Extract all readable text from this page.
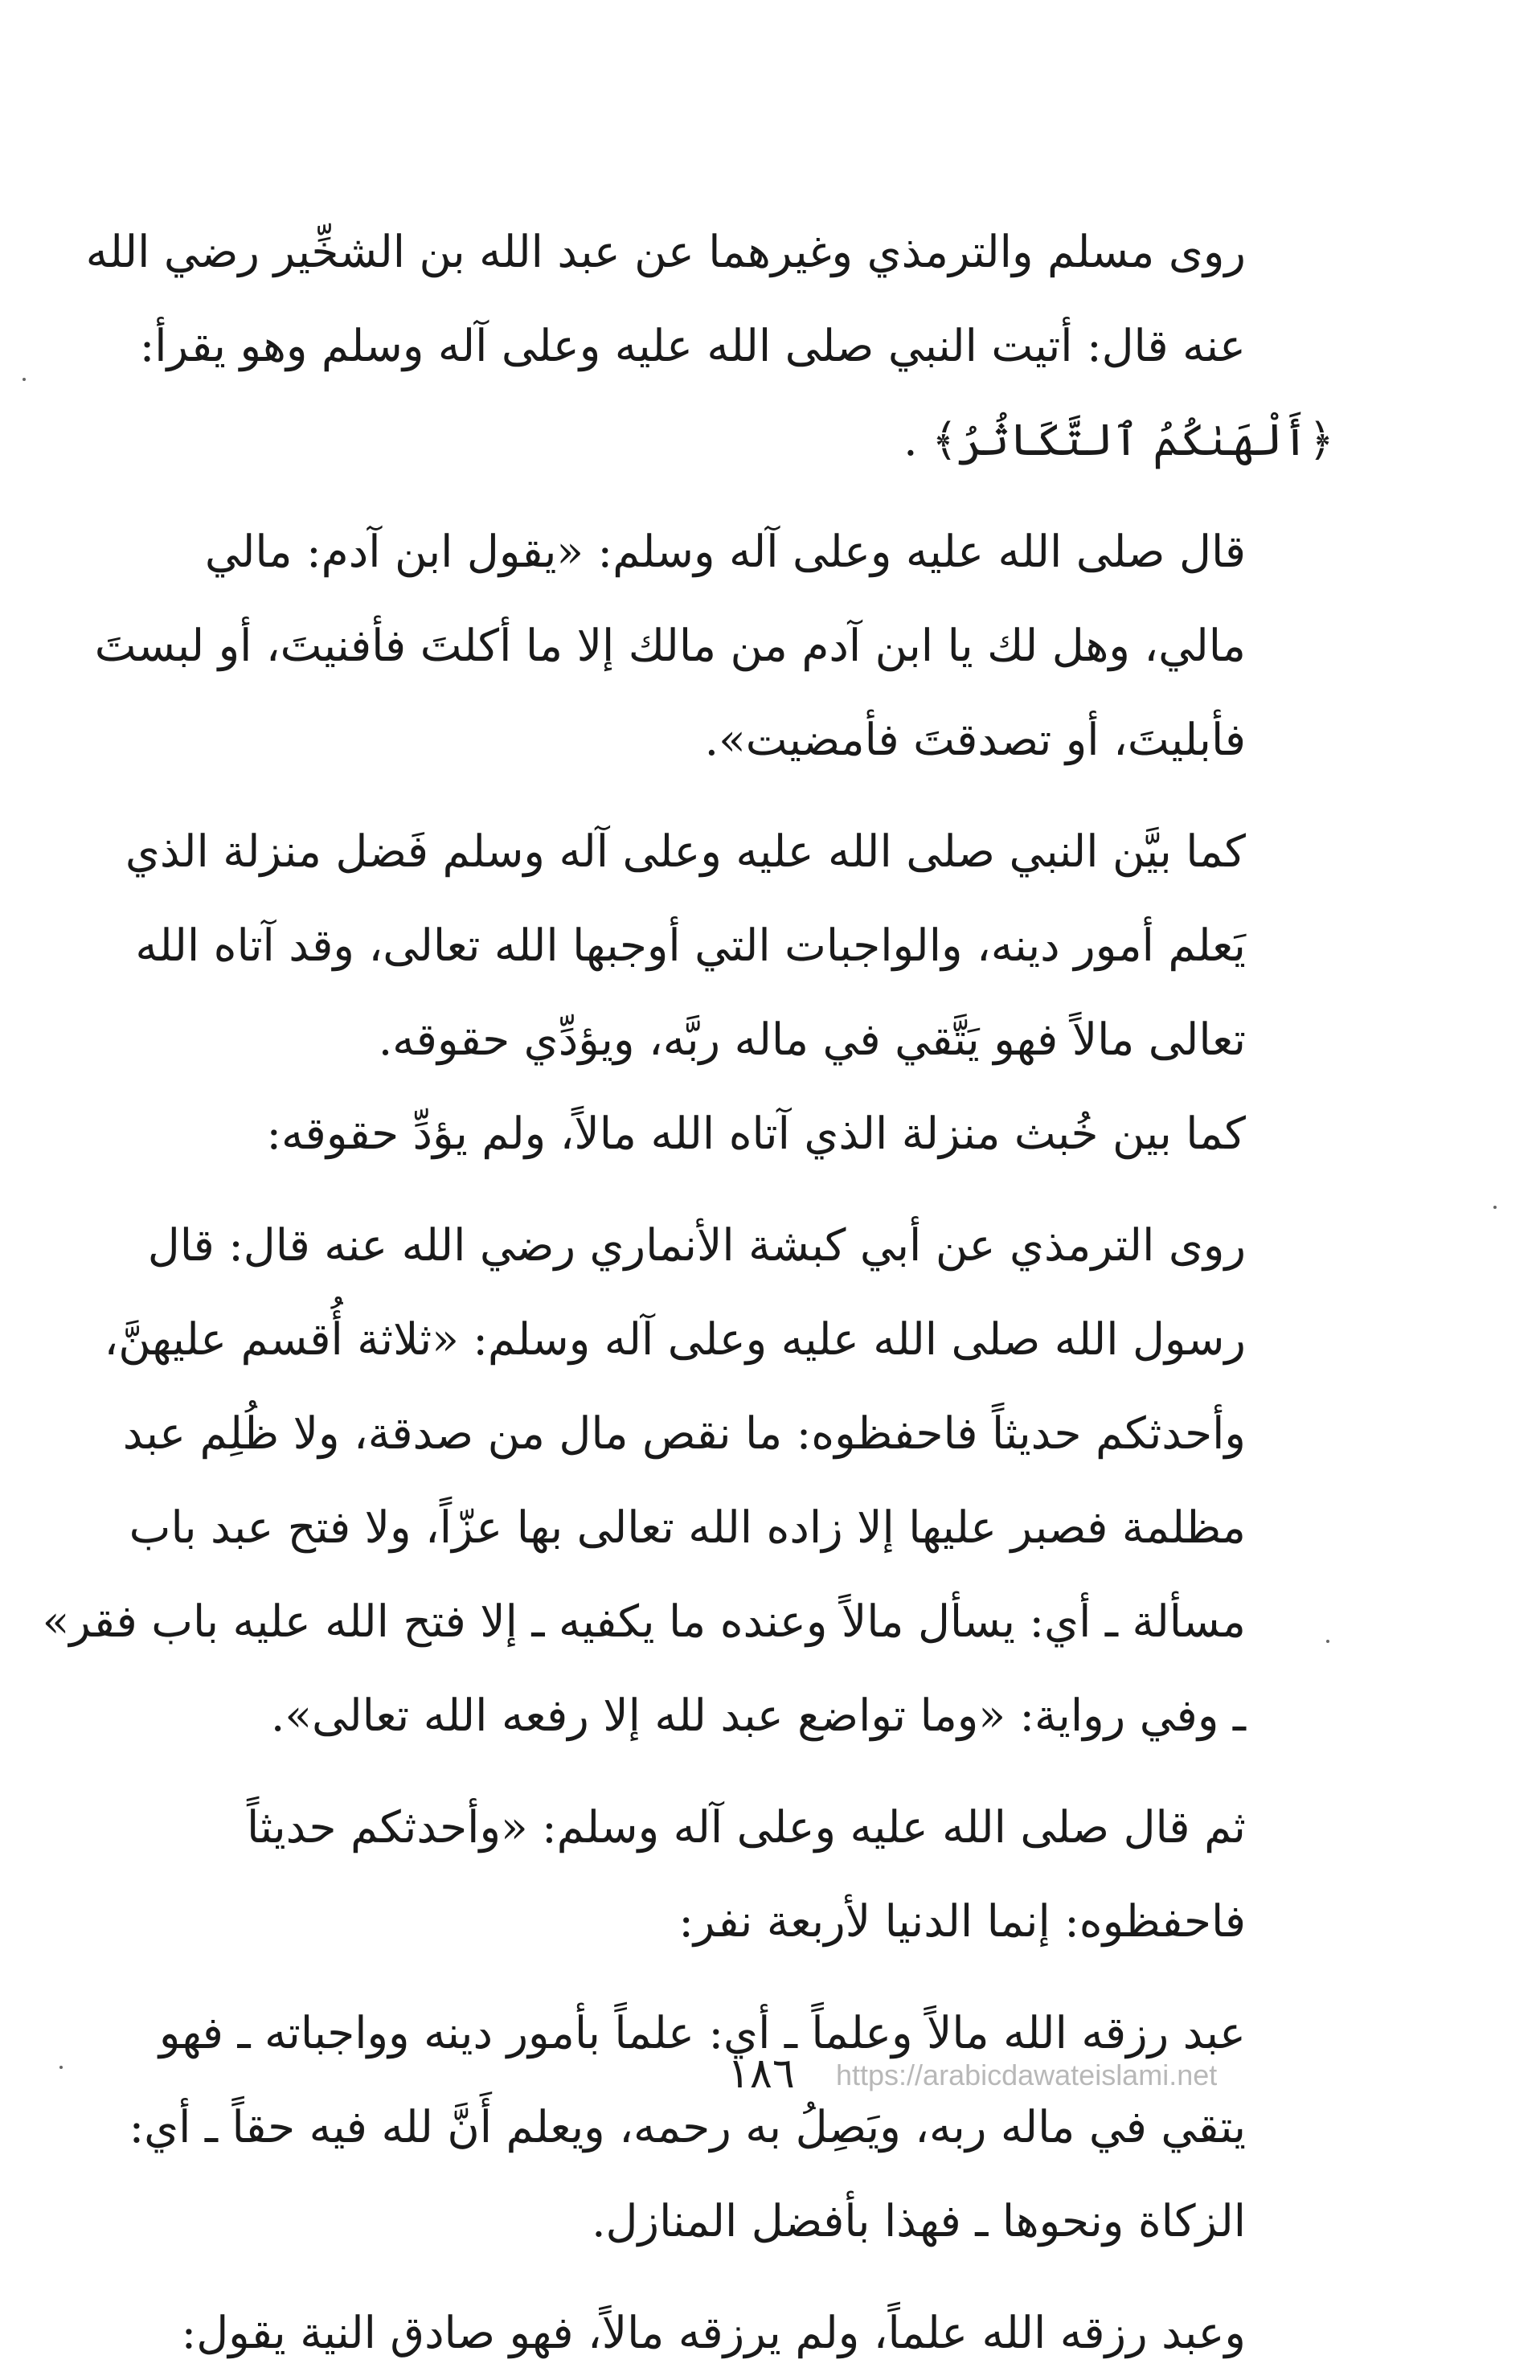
روى مسلم والترمذي وغيرهما عن عبد الله بن الشخِّير رضي الله
عنه قال: أتيت النبي صلى الله عليه وعلى آله وسلم وهو يقرأ:
﴿أَلْهَىٰكُمُ ٱلتَّكَاثُرُ﴾ .

قال صلى الله عليه وعلى آله وسلم: «يقول ابن آدم: مالي
مالي، وهل لك يا ابن آدم من مالك إلا ما أكلتَ فأفنيتَ، أو لبستَ
فأبليتَ، أو تصدقتَ فأمضيت».

كما بيَّن النبي صلى الله عليه وعلى آله وسلم فَضل منزلة الذي
يَعلم أمور دينه، والواجبات التي أوجبها الله تعالى، وقد آتاه الله
تعالى مالاً فهو يَتَّقي في ماله ربَّه، ويؤدِّي حقوقه.

كما بين خُبث منزلة الذي آتاه الله مالاً، ولم يؤدِّ حقوقه:

روى الترمذي عن أبي كبشة الأنماري رضي الله عنه قال: قال
رسول الله صلى الله عليه وعلى آله وسلم: «ثلاثة أُقسم عليهنَّ،
وأحدثكم حديثاً فاحفظوه: ما نقص مال من صدقة، ولا ظُلِم عبد
مظلمة فصبر عليها إلا زاده الله تعالى بها عزّاً، ولا فتح عبد باب
مسألة ـ أي: يسأل مالاً وعنده ما يكفيه ـ إلا فتح الله عليه باب فقر»
ـ وفي رواية: «وما تواضع عبد لله إلا رفعه الله تعالى».

ثم قال صلى الله عليه وعلى آله وسلم: «وأحدثكم حديثاً
فاحفظوه: إنما الدنيا لأربعة نفر:

عبد رزقه الله مالاً وعلماً ـ أي: علماً بأمور دينه وواجباته ـ فهو
يتقي في ماله ربه، ويَصِلُ به رحمه، ويعلم أَنَّ لله فيه حقاً ـ أي:
الزكاة ونحوها ـ فهذا بأفضل المنازل.

وعبد رزقه الله علماً، ولم يرزقه مالاً، فهو صادق النية يقول:

١٨٦ https://arabicdawateislami.net
